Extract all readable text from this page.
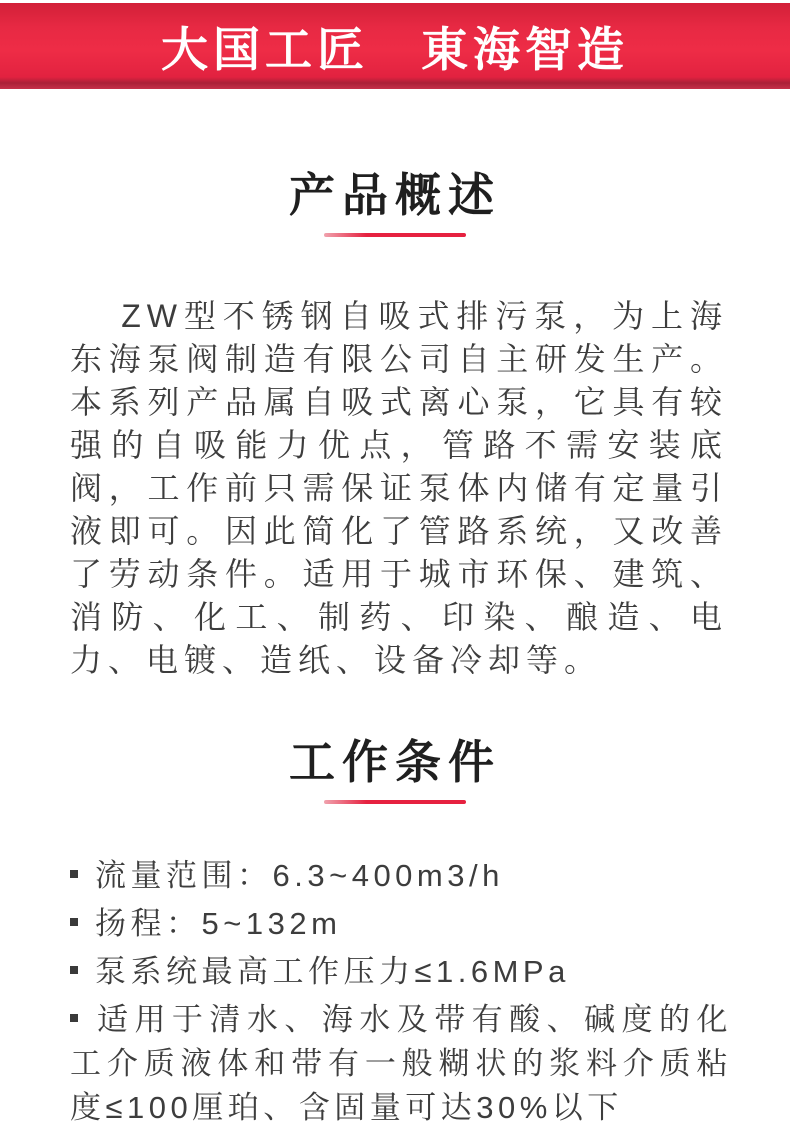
大国工匠　東海智造
产品概述

ZW型不锈钢自吸式排污泵，为上海东海泵阀制造有限公司自主研发生产。本系列产品属自吸式离心泵，它具有较强的自吸能力优点，管路不需安装底阀，工作前只需保证泵体内储有定量引液即可。因此简化了管路系统，又改善了劳动条件。适用于城市环保、建筑、消防、化工、制药、印染、酿造、电力、电镀、造纸、设备冷却等。

工作条件
流量范围：6.3~400m3/h
扬程：5~132m
泵系统最高工作压力≤1.6MPa
适用于清水、海水及带有酸、碱度的化工介质液体和带有一般糊状的浆料介质粘度≤100厘珀、含固量可达30%以下
